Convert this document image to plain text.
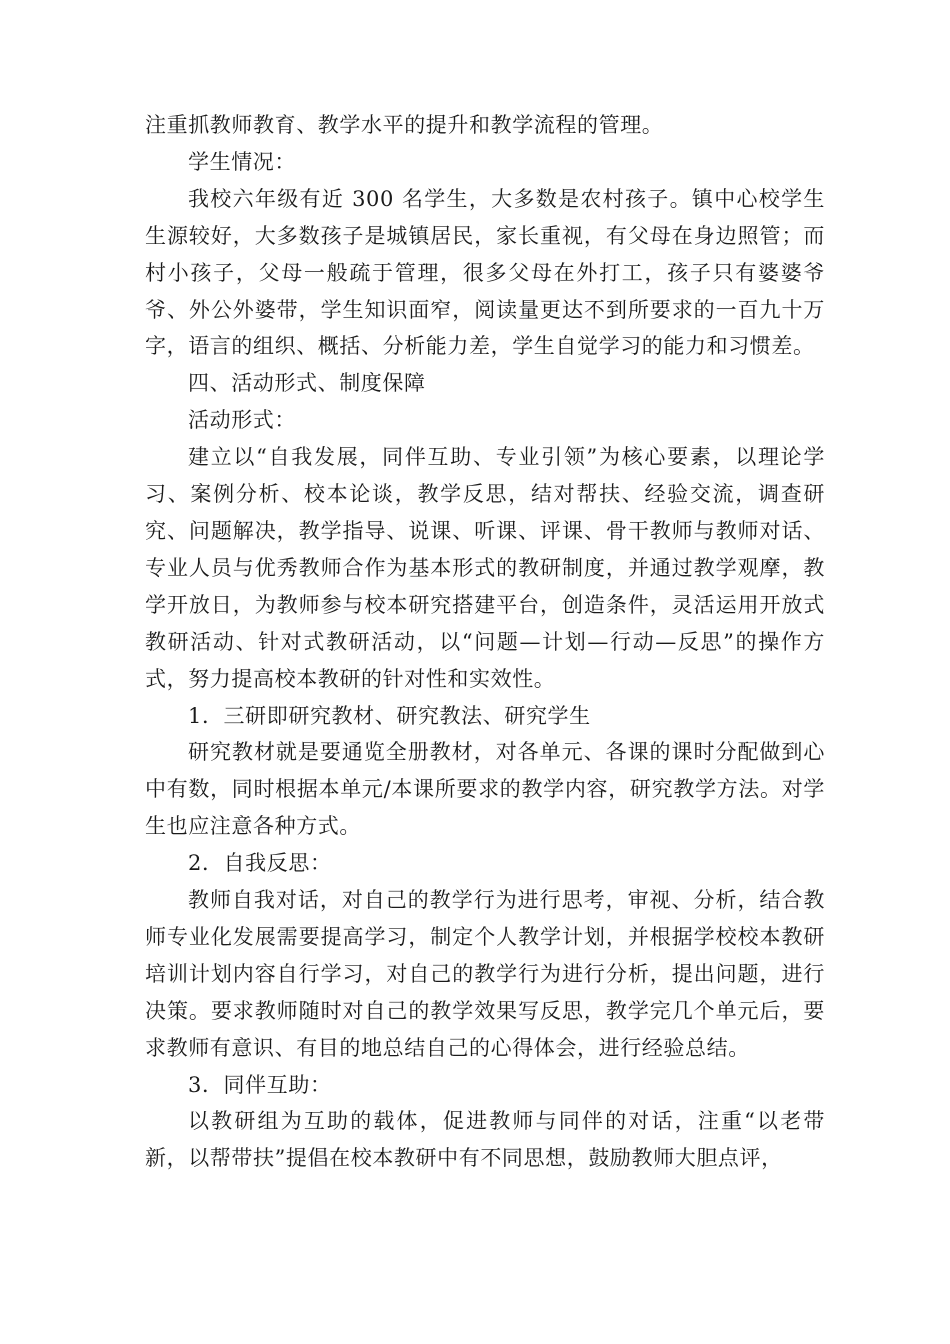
注重抓教师教育、教学水平的提升和教学流程的管理。

学生情况：

我校六年级有近 300 名学生，大多数是农村孩子。镇中心校学生生源较好，大多数孩子是城镇居民，家长重视，有父母在身边照管；而村小孩子，父母一般疏于管理，很多父母在外打工，孩子只有婆婆爷爷、外公外婆带，学生知识面窄，阅读量更达不到所要求的一百九十万字，语言的组织、概括、分析能力差，学生自觉学习的能力和习惯差。

四、活动形式、制度保障

活动形式：

建立以“自我发展，同伴互助、专业引领”为核心要素，以理论学习、案例分析、校本论谈，教学反思，结对帮扶、经验交流，调查研究、问题解决，教学指导、说课、听课、评课、骨干教师与教师对话、专业人员与优秀教师合作为基本形式的教研制度，并通过教学观摩，教学开放日，为教师参与校本研究搭建平台，创造条件，灵活运用开放式教研活动、针对式教研活动，以“问题—计划—行动—反思”的操作方式，努力提高校本教研的针对性和实效性。

1．三研即研究教材、研究教法、研究学生

研究教材就是要通览全册教材，对各单元、各课的课时分配做到心中有数，同时根据本单元/本课所要求的教学内容，研究教学方法。对学生也应注意各种方式。

2．自我反思：

教师自我对话，对自己的教学行为进行思考，审视、分析，结合教师专业化发展需要提高学习，制定个人教学计划，并根据学校校本教研培训计划内容自行学习，对自己的教学行为进行分析，提出问题，进行决策。要求教师随时对自己的教学效果写反思，教学完几个单元后，要求教师有意识、有目的地总结自己的心得体会，进行经验总结。

3．同伴互助：

以教研组为互助的载体，促进教师与同伴的对话，注重“以老带新，以帮带扶”提倡在校本教研中有不同思想，鼓励教师大胆点评，
